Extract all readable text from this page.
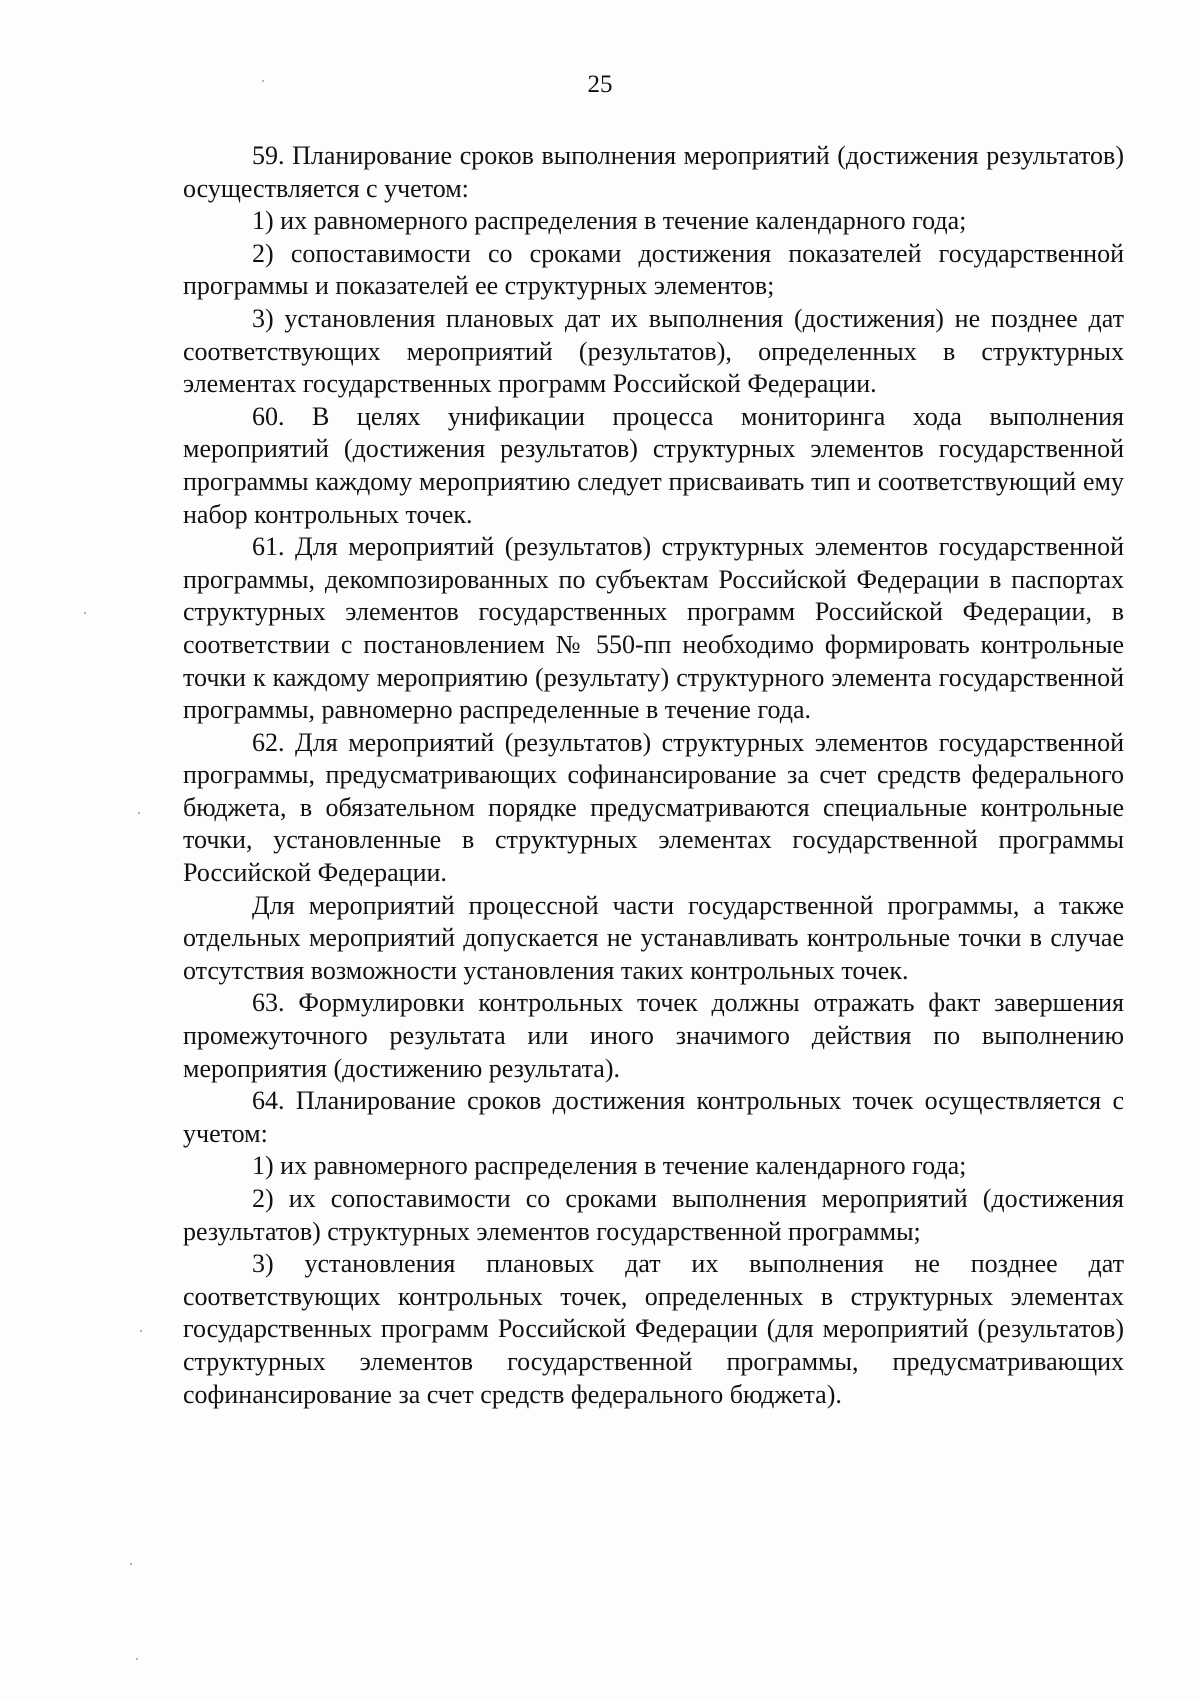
25

59. Планирование сроков выполнения мероприятий (достижения результатов) осуществляется с учетом:

1) их равномерного распределения в течение календарного года;

2) сопоставимости со сроками достижения показателей государственной программы и показателей ее структурных элементов;

3) установления плановых дат их выполнения (достижения) не позднее дат соответствующих мероприятий (результатов), определенных в структурных элементах государственных программ Российской Федерации.

60. В целях унификации процесса мониторинга хода выполнения мероприятий (достижения результатов) структурных элементов государственной программы каждому мероприятию следует присваивать тип и соответствующий ему набор контрольных точек.

61. Для мероприятий (результатов) структурных элементов государственной программы, декомпозированных по субъектам Российской Федерации в паспортах структурных элементов государственных программ Российской Федерации, в соответствии с постановлением № 550-пп необходимо формировать контрольные точки к каждому мероприятию (результату) структурного элемента государственной программы, равномерно распределенные в течение года.

62. Для мероприятий (результатов) структурных элементов государственной программы, предусматривающих софинансирование за счет средств федерального бюджета, в обязательном порядке предусматриваются специальные контрольные точки, установленные в структурных элементах государственной программы Российской Федерации.

Для мероприятий процессной части государственной программы, а также отдельных мероприятий допускается не устанавливать контрольные точки в случае отсутствия возможности установления таких контрольных точек.

63. Формулировки контрольных точек должны отражать факт завершения промежуточного результата или иного значимого действия по выполнению мероприятия (достижению результата).

64. Планирование сроков достижения контрольных точек осуществляется с учетом:

1) их равномерного распределения в течение календарного года;

2) их сопоставимости со сроками выполнения мероприятий (достижения результатов) структурных элементов государственной программы;

3) установления плановых дат их выполнения не позднее дат соответствующих контрольных точек, определенных в структурных элементах государственных программ Российской Федерации (для мероприятий (результатов) структурных элементов государственной программы, предусматривающих софинансирование за счет средств федерального бюджета).
